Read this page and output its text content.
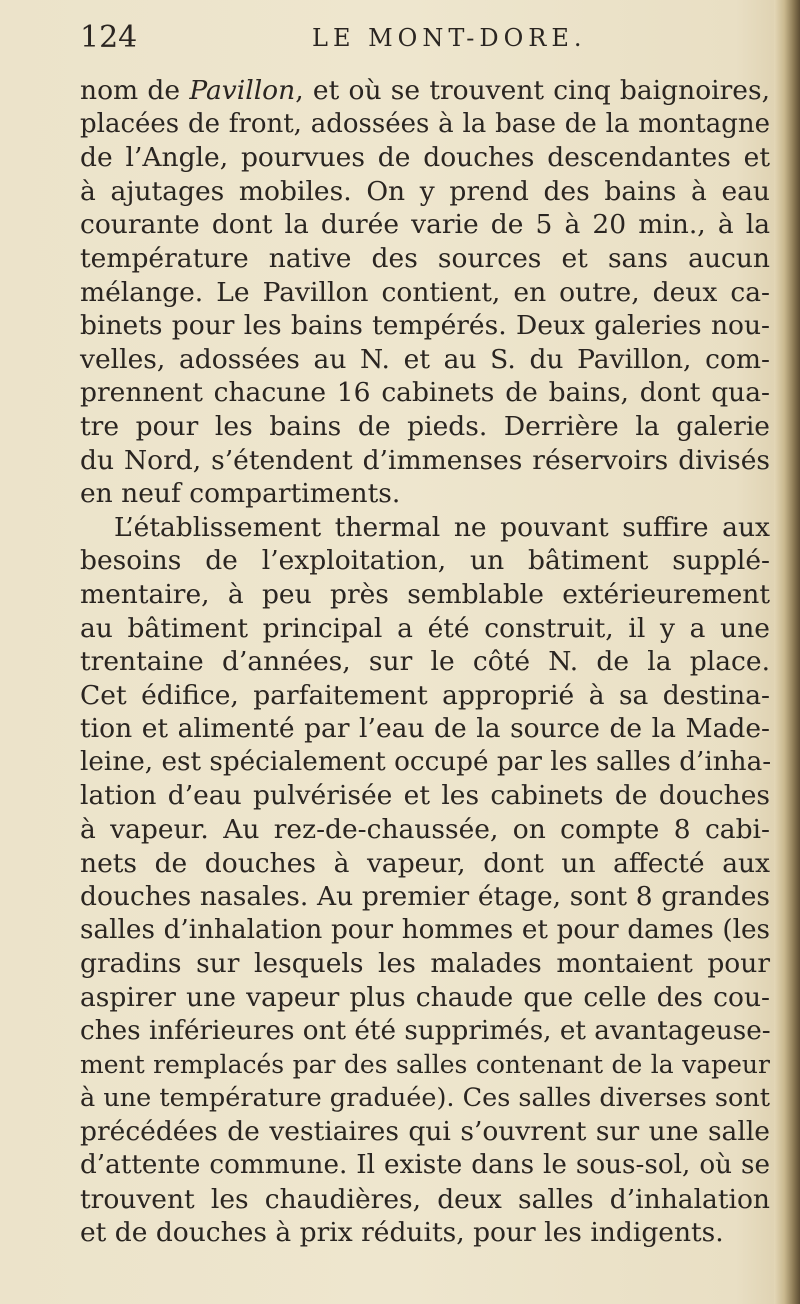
124	LE MONT-DORE.
nom de Pavillon, et où se trouvent cinq baignoires,
placées de front, adossées à la base de la montagne
de l’Angle, pourvues de douches descendantes et
à ajutages mobiles. On y prend des bains à eau
courante dont la durée varie de 5 à 20 min., à la
température native des sources et sans aucun
mélange. Le Pavillon contient, en outre, deux ca-
binets pour les bains tempérés. Deux galeries nou-
velles, adossées au N. et au S. du Pavillon, com-
prennent chacune 16 cabinets de bains, dont qua-
tre pour les bains de pieds. Derrière la galerie
du Nord, s’étendent d’immenses réservoirs divisés
en neuf compartiments.
L’établissement thermal ne pouvant suffire aux
besoins de l’exploitation, un bâtiment supplé-
mentaire, à peu près semblable extérieurement
au bâtiment principal a été construit, il y a une
trentaine d’années, sur le côté N. de la place.
Cet édifice, parfaitement approprié à sa destina-
tion et alimenté par l’eau de la source de la Made-
leine, est spécialement occupé par les salles d’inha-
lation d’eau pulvérisée et les cabinets de douches
à vapeur. Au rez-de-chaussée, on compte 8 cabi-
nets de douches à vapeur, dont un affecté aux
douches nasales. Au premier étage, sont 8 grandes
salles d’inhalation pour hommes et pour dames (les
gradins sur lesquels les malades montaient pour
aspirer une vapeur plus chaude que celle des cou-
ches inférieures ont été supprimés, et avantageuse-
ment remplacés par des salles contenant de la vapeur
à une température graduée). Ces salles diverses sont
précédées de vestiaires qui s’ouvrent sur une salle
d’attente commune. Il existe dans le sous-sol, où se
trouvent les chaudières, deux salles d’inhalation
et de douches à prix réduits, pour les indigents.
